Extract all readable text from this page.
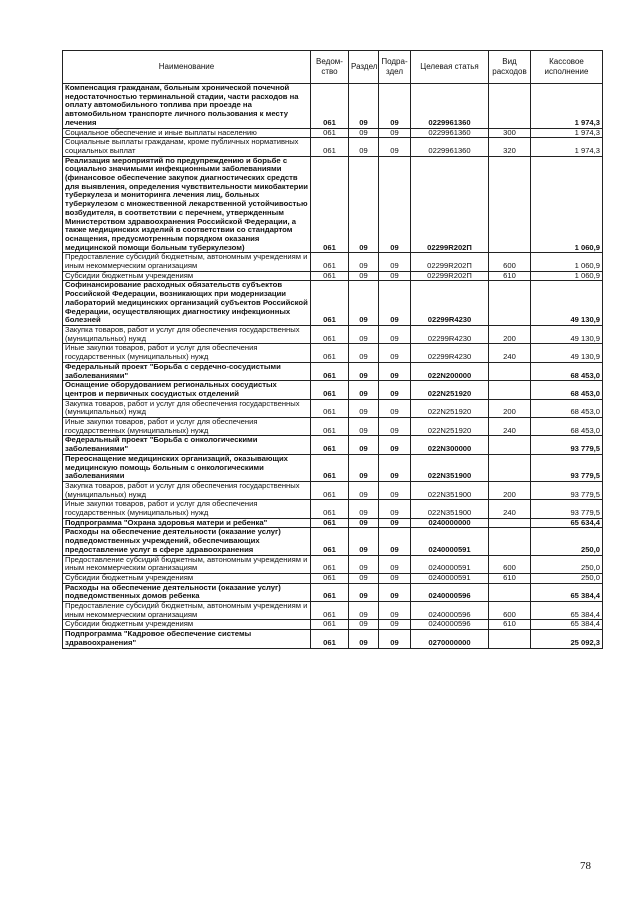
Наименование	Ведом-ство	Раздел	Подра-здел	Целевая статья	Вид расходов	Кассовое исполнение
Компенсация гражданам, больным хронической почечной недостаточностью терминальной стадии, части расходов на оплату автомобильного топлива при проезде на автомобильном транспорте личного пользования к месту лечения	061	09	09	0229961360		1 974,3
Социальное обеспечение и иные выплаты населению	061	09	09	0229961360	300	1 974,3
Социальные выплаты гражданам, кроме публичных нормативных социальных выплат	061	09	09	0229961360	320	1 974,3
Реализация мероприятий по предупреждению и борьбе с социально значимыми инфекционными заболеваниями (финансовое обеспечение закупок диагностических средств для выявления, определения чувствительности микобактерии туберкулеза и мониторинга лечения лиц, больных туберкулезом с множественной лекарственной устойчивостью возбудителя, в соответствии с перечнем, утвержденным Министерством здравоохранения Российской Федерации, а также медицинских изделий в соответствии со стандартом оснащения, предусмотренным порядком оказания медицинской помощи больным туберкулезом)	061	09	09	02299R202П		1 060,9
Предоставление субсидий бюджетным, автономным учреждениям и иным некоммерческим организациям	061	09	09	02299R202П	600	1 060,9
Субсидии бюджетным учреждениям	061	09	09	02299R202П	610	1 060,9
Софинансирование расходных обязательств субъектов Российской Федерации, возникающих при модернизации лабораторий медицинских организаций субъектов Российской Федерации, осуществляющих диагностику инфекционных болезней	061	09	09	02299R4230		49 130,9
Закупка товаров, работ и услуг для обеспечения государственных (муниципальных) нужд	061	09	09	02299R4230	200	49 130,9
Иные закупки товаров, работ и услуг для обеспечения государственных (муниципальных) нужд	061	09	09	02299R4230	240	49 130,9
Федеральный проект "Борьба с сердечно-сосудистыми заболеваниями"	061	09	09	022N200000		68 453,0
Оснащение оборудованием региональных сосудистых центров и первичных сосудистых отделений	061	09	09	022N251920		68 453,0
Закупка товаров, работ и услуг для обеспечения государственных (муниципальных) нужд	061	09	09	022N251920	200	68 453,0
Иные закупки товаров, работ и услуг для обеспечения государственных (муниципальных) нужд	061	09	09	022N251920	240	68 453,0
Федеральный проект "Борьба с онкологическими заболеваниями"	061	09	09	022N300000		93 779,5
Переоснащение медицинских организаций, оказывающих медицинскую помощь больным с онкологическими заболеваниями	061	09	09	022N351900		93 779,5
Закупка товаров, работ и услуг для обеспечения государственных (муниципальных) нужд	061	09	09	022N351900	200	93 779,5
Иные закупки товаров, работ и услуг для обеспечения государственных (муниципальных) нужд	061	09	09	022N351900	240	93 779,5
Подпрограмма "Охрана здоровья матери и ребенка"	061	09	09	0240000000		65 634,4
Расходы на обеспечение деятельности (оказание услуг) подведомственных учреждений, обеспечивающих предоставление услуг в сфере здравоохранения	061	09	09	0240000591		250,0
Предоставление субсидий бюджетным, автономным учреждениям и иным некоммерческим организациям	061	09	09	0240000591	600	250,0
Субсидии бюджетным учреждениям	061	09	09	0240000591	610	250,0
Расходы на обеспечение деятельности (оказание услуг) подведомственных домов ребенка	061	09	09	0240000596		65 384,4
Предоставление субсидий бюджетным, автономным учреждениям и иным некоммерческим организациям	061	09	09	0240000596	600	65 384,4
Субсидии бюджетным учреждениям	061	09	09	0240000596	610	65 384,4
Подпрограмма "Кадровое обеспечение системы здравоохранения"	061	09	09	0270000000		25 092,3
78
